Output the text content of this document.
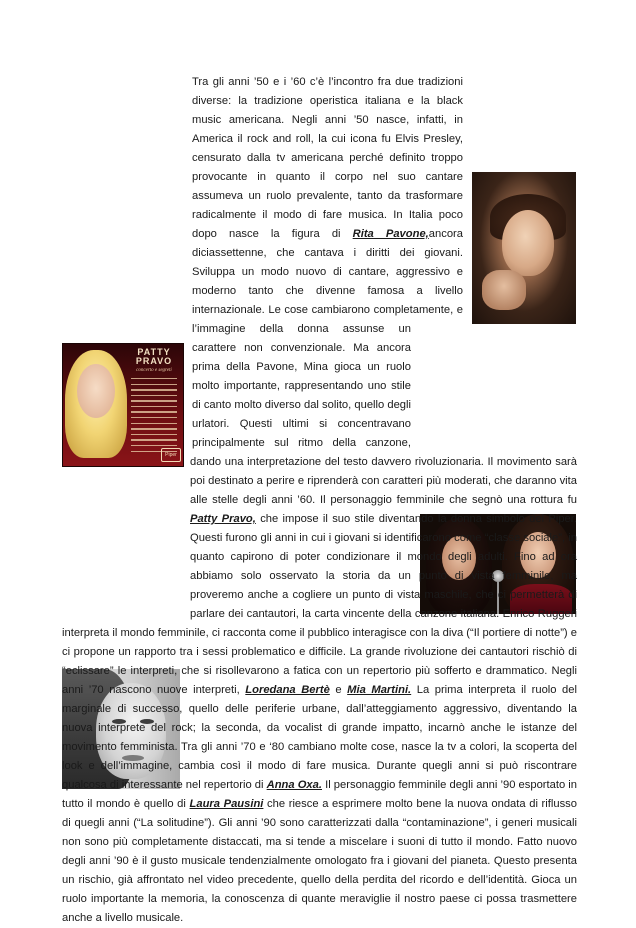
PATTY
PRAVO
concerto e segreti
Piper

Tra gli anni ’50 e i ’60 c’è l’incontro fra due tradizioni diverse: la tradizione operistica italiana e la black music americana. Negli anni ’50 nasce, infatti, in America il rock and roll, la cui icona fu Elvis Presley, censurato dalla tv americana perché definito troppo provocante in quanto il corpo nel suo cantare assumeva un ruolo prevalente, tanto da trasformare radicalmente il modo di fare musica. In Italia poco dopo nasce la figura di Rita Pavone,ancora diciassettenne, che cantava i diritti dei giovani. Sviluppa un modo nuovo di cantare, aggressivo e moderno tanto che divenne famosa a livello internazionale. Le cose cambiarono completamente, e l’immagine della donna assunse un carattere non convenzionale. Ma ancora prima della Pavone, Mina gioca un ruolo molto importante, rappresentando uno stile di canto molto diverso dal solito, quello degli urlatori. Questi ultimi si concentravano principalmente sul ritmo della canzone, dando una interpretazione del testo davvero rivoluzionaria. Il movimento sarà poi destinato a perire e riprenderà con caratteri più moderati, che daranno vita alle stelle degli anni ’60. Il personaggio femminile che segnò una rottura fu Patty Pravo, che impose il suo stile diventando la donna simbolo del Piper. Questi furono gli anni in cui i giovani si identificarono come “classe sociale”, in quanto capirono di poter condizionare il mondo degli adulti. Fino ad ora abbiamo solo osservato la storia da un punto di vista femminile, ma proveremo anche a cogliere un punto di vista maschile, che ci permetterà di parlare dei cantautori, la carta vincente della canzone italiana. Enrico Ruggeri interpreta il mondo femminile, ci racconta come il pubblico interagisce con la diva (“Il portiere di notte”) e ci propone un rapporto tra i sessi problematico e difficile. La grande rivoluzione dei cantautori rischiò di “eclissare” le interpreti, che si risollevarono a fatica con un repertorio più sofferto e drammatico. Negli anni ’70 nascono nuove interpreti, Loredana Bertè e Mia Martini. La prima interpreta il ruolo del marginale di successo, quello delle periferie urbane, dall’atteggiamento aggressivo, diventando la nuova interprete del rock; la seconda, da vocalist di grande impatto, incarnò anche le istanze del movimento femminista. Tra gli anni ’70 e ‘80 cambiano molte cose, nasce la tv a colori, la scoperta del look e dell’immagine, cambia così il modo di fare musica. Durante quegli anni si può riscontrare qualcosa di interessante nel repertorio di Anna Oxa. Il personaggio femminile degli anni ’90 esportato in tutto il mondo è quello di Laura Pausini che riesce a esprimere molto bene la nuova ondata di riflusso di quegli anni (“La solitudine”). Gli anni ’90 sono caratterizzati dalla “contaminazione”, i generi musicali non sono più completamente distaccati, ma si tende a miscelare i suoni di tutto il mondo. Fatto nuovo degli anni ’90 è il gusto musicale tendenzialmente omologato fra i giovani del pianeta. Questo presenta un rischio, già affrontato nel video precedente, quello della perdita del ricordo e dell’identità. Gioca un ruolo importante la memoria, la conoscenza di quante meraviglie il nostro paese ci possa trasmettere anche a livello musicale.
